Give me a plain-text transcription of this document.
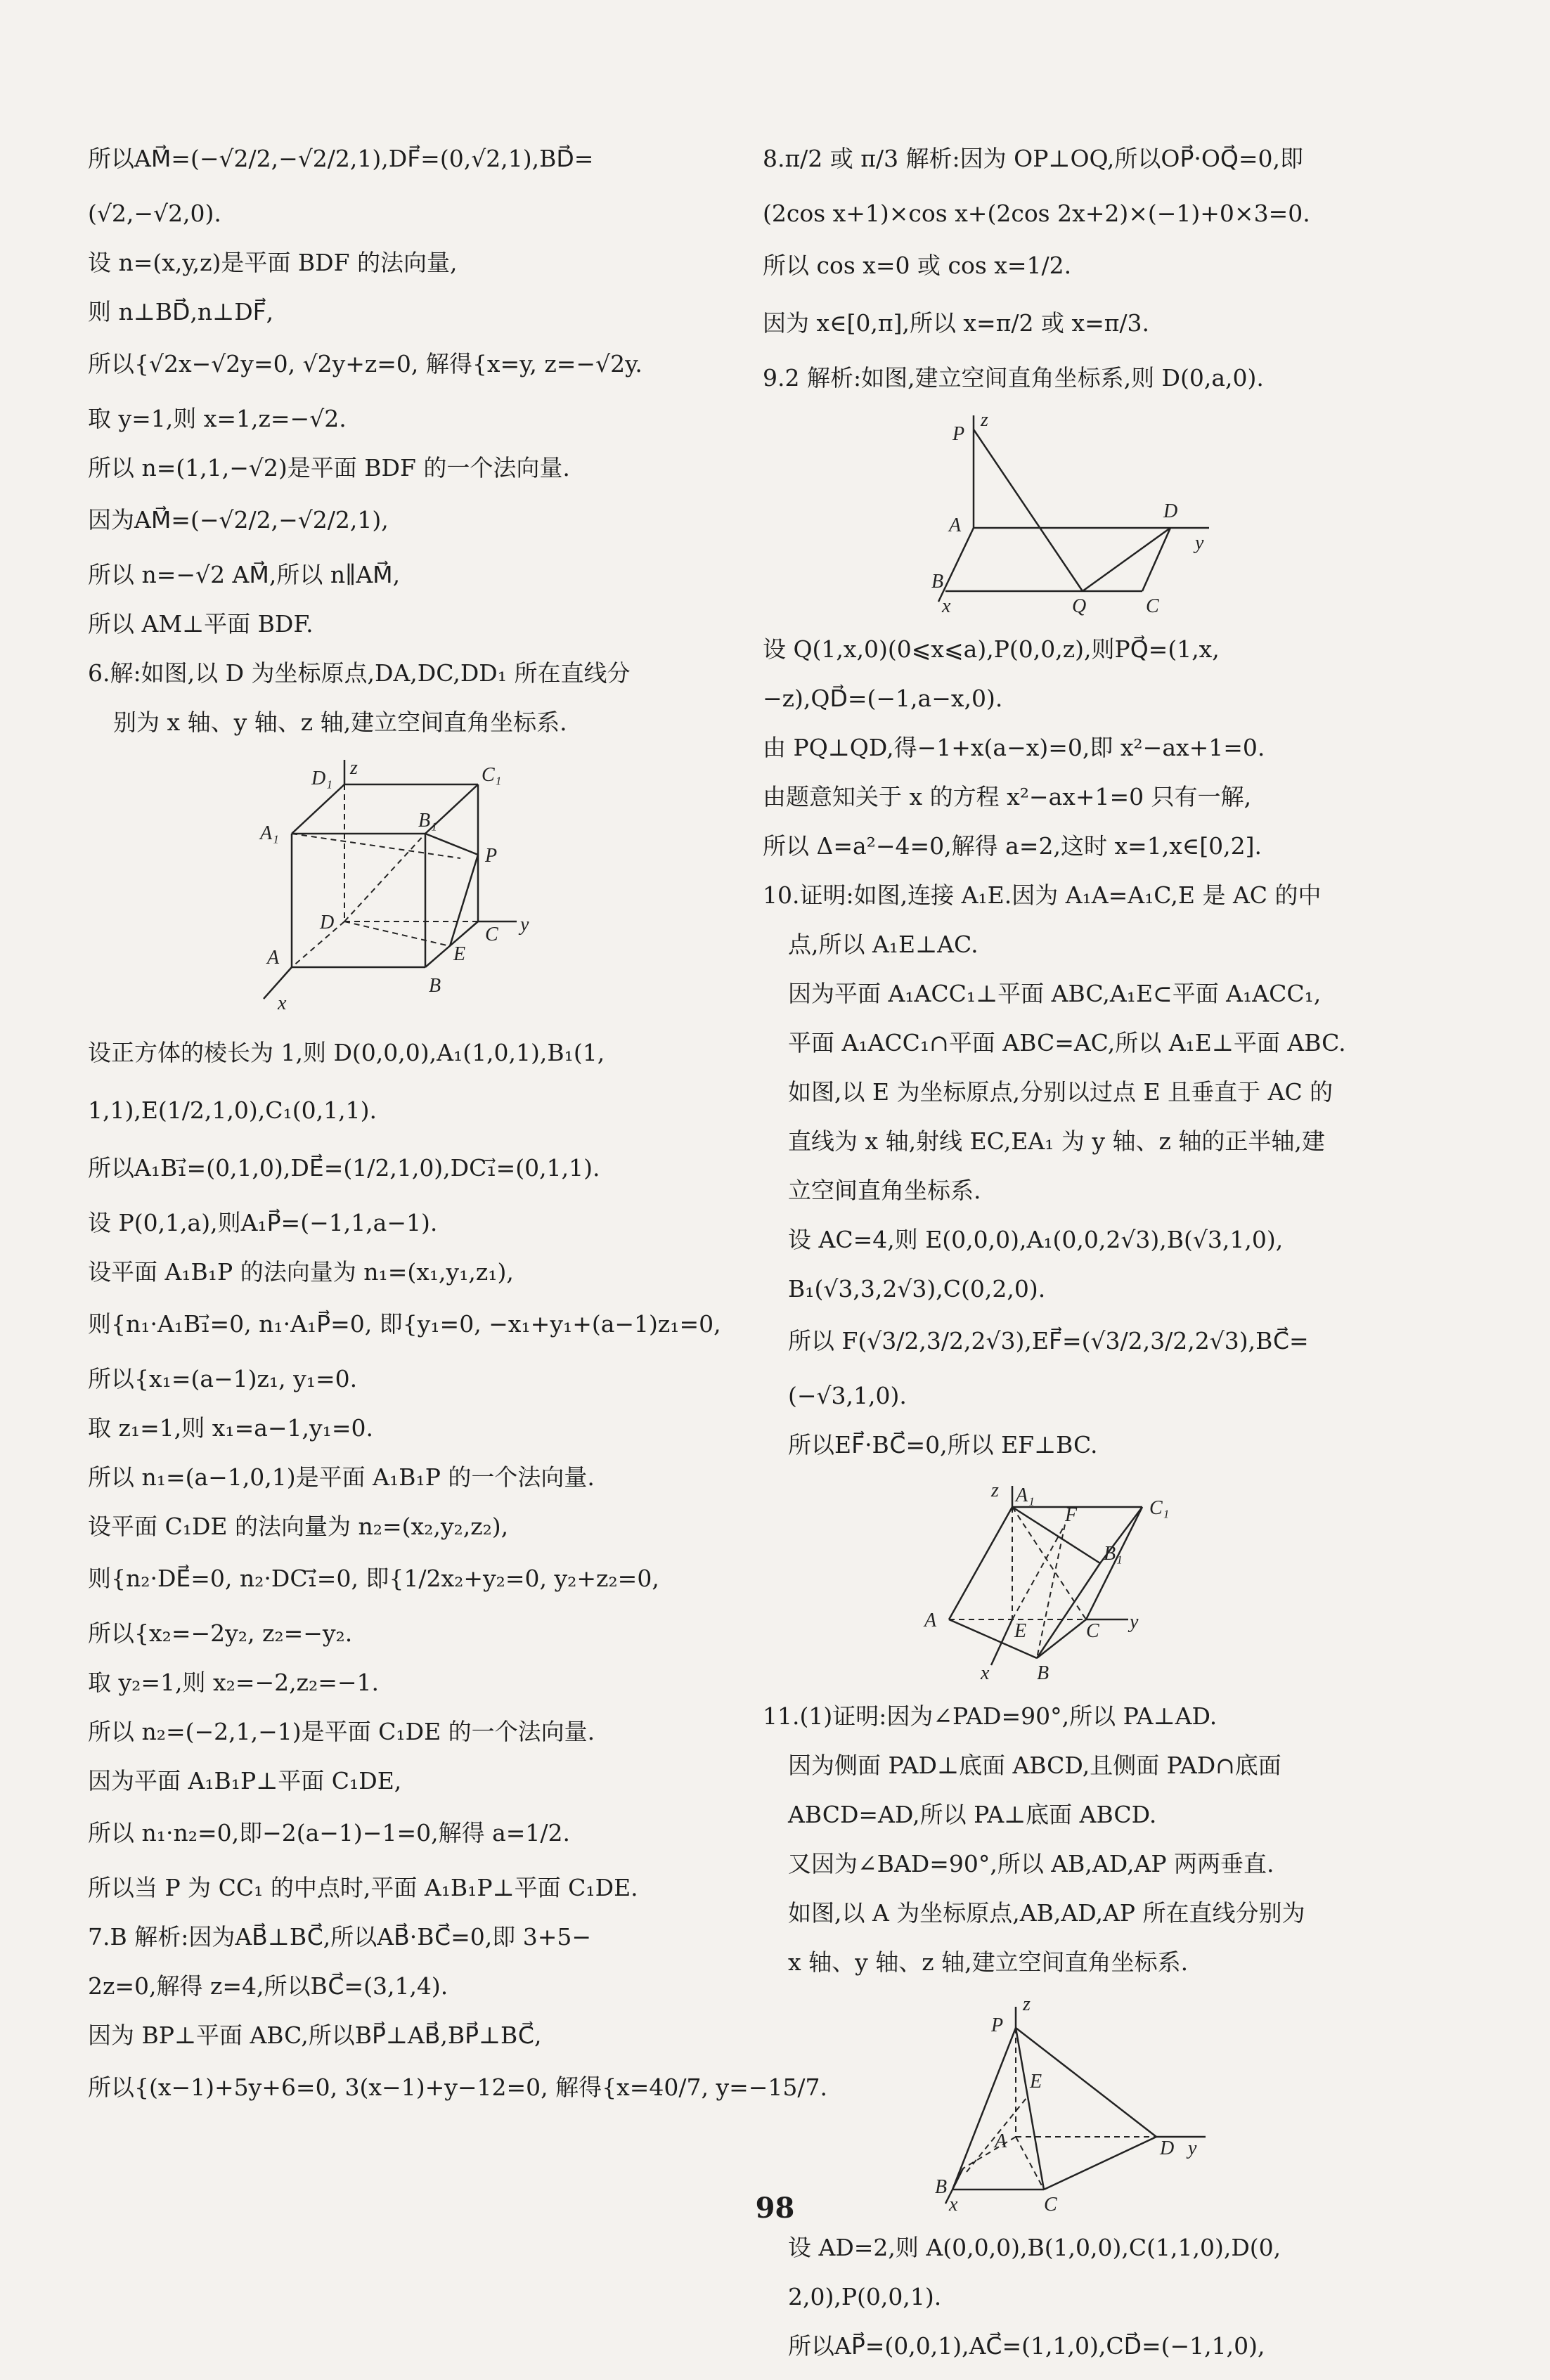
所以AM⃗=(−√2/2,−√2/2,1),DF⃗=(0,√2,1),BD⃗=

(√2,−√2,0).

设 n=(x,y,z)是平面 BDF 的法向量,

则 n⊥BD⃗,n⊥DF⃗,

所以{√2x−√2y=0, √2y+z=0, 解得{x=y, z=−√2y.

取 y=1,则 x=1,z=−√2.

所以 n=(1,1,−√2)是平面 BDF 的一个法向量.

因为AM⃗=(−√2/2,−√2/2,1),

所以 n=−√2 AM⃗,所以 n∥AM⃗,

所以 AM⊥平面 BDF.

6.解:如图,以 D 为坐标原点,DA,DC,DD₁ 所在直线分

别为 x 轴、y 轴、z 轴,建立空间直角坐标系.

D₁ z	C₁
B₁
A₁
P
D
C y
E
A
B
x

设正方体的棱长为 1,则 D(0,0,0),A₁(1,0,1),B₁(1,

1,1),E(1/2,1,0),C₁(0,1,1).

所以A₁B₁⃗=(0,1,0),DE⃗=(1/2,1,0),DC₁⃗=(0,1,1).

设 P(0,1,a),则A₁P⃗=(−1,1,a−1).

设平面 A₁B₁P 的法向量为 n₁=(x₁,y₁,z₁),

则{n₁·A₁B₁⃗=0, n₁·A₁P⃗=0, 即{y₁=0, −x₁+y₁+(a−1)z₁=0,

所以{x₁=(a−1)z₁, y₁=0.

取 z₁=1,则 x₁=a−1,y₁=0.

所以 n₁=(a−1,0,1)是平面 A₁B₁P 的一个法向量.

设平面 C₁DE 的法向量为 n₂=(x₂,y₂,z₂),

则{n₂·DE⃗=0, n₂·DC₁⃗=0, 即{1/2x₂+y₂=0, y₂+z₂=0,

所以{x₂=−2y₂, z₂=−y₂.

取 y₂=1,则 x₂=−2,z₂=−1.

所以 n₂=(−2,1,−1)是平面 C₁DE 的一个法向量.

因为平面 A₁B₁P⊥平面 C₁DE,

所以 n₁·n₂=0,即−2(a−1)−1=0,解得 a=1/2.

所以当 P 为 CC₁ 的中点时,平面 A₁B₁P⊥平面 C₁DE.

7.B 解析:因为AB⃗⊥BC⃗,所以AB⃗·BC⃗=0,即 3+5−

2z=0,解得 z=4,所以BC⃗=(3,1,4).

因为 BP⊥平面 ABC,所以BP⃗⊥AB⃗,BP⃗⊥BC⃗,

所以{(x−1)+5y+6=0, 3(x−1)+y−12=0, 解得{x=40/7, y=−15/7.

8.π/2 或 π/3 解析:因为 OP⊥OQ,所以OP⃗·OQ⃗=0,即

(2cos x+1)×cos x+(2cos 2x+2)×(−1)+0×3=0.

所以 cos x=0 或 cos x=1/2.

因为 x∈[0,π],所以 x=π/2 或 x=π/3.

9.2 解析:如图,建立空间直角坐标系,则 D(0,a,0).

P
z
A
D
y
B
x	Q	C

设 Q(1,x,0)(0⩽x⩽a),P(0,0,z),则PQ⃗=(1,x,

−z),QD⃗=(−1,a−x,0).

由 PQ⊥QD,得−1+x(a−x)=0,即 x²−ax+1=0.

由题意知关于 x 的方程 x²−ax+1=0 只有一解,

所以 Δ=a²−4=0,解得 a=2,这时 x=1,x∈[0,2].

10.证明:如图,连接 A₁E.因为 A₁A=A₁C,E 是 AC 的中

点,所以 A₁E⊥AC.

因为平面 A₁ACC₁⊥平面 ABC,A₁E⊂平面 A₁ACC₁,

平面 A₁ACC₁∩平面 ABC=AC,所以 A₁E⊥平面 ABC.

如图,以 E 为坐标原点,分别以过点 E 且垂直于 AC 的

直线为 x 轴,射线 EC,EA₁ 为 y 轴、z 轴的正半轴,建

立空间直角坐标系.

设 AC=4,则 E(0,0,0),A₁(0,0,2√3),B(√3,1,0),

B₁(√3,3,2√3),C(0,2,0).

所以 F(√3/2,3/2,2√3),EF⃗=(√3/2,3/2,2√3),BC⃗=

(−√3,1,0).

所以EF⃗·BC⃗=0,所以 EF⊥BC.

z A₁
F	C₁
B₁
A	E	C y
x B

11.(1)证明:因为∠PAD=90°,所以 PA⊥AD.

因为侧面 PAD⊥底面 ABCD,且侧面 PAD∩底面

ABCD=AD,所以 PA⊥底面 ABCD.

又因为∠BAD=90°,所以 AB,AD,AP 两两垂直.

如图,以 A 为坐标原点,AB,AD,AP 所在直线分别为

x 轴、y 轴、z 轴,建立空间直角坐标系.

z
P
E
A	D y
B
x	C

设 AD=2,则 A(0,0,0),B(1,0,0),C(1,1,0),D(0,

2,0),P(0,0,1).

所以AP⃗=(0,0,1),AC⃗=(1,1,0),CD⃗=(−1,1,0),

98
